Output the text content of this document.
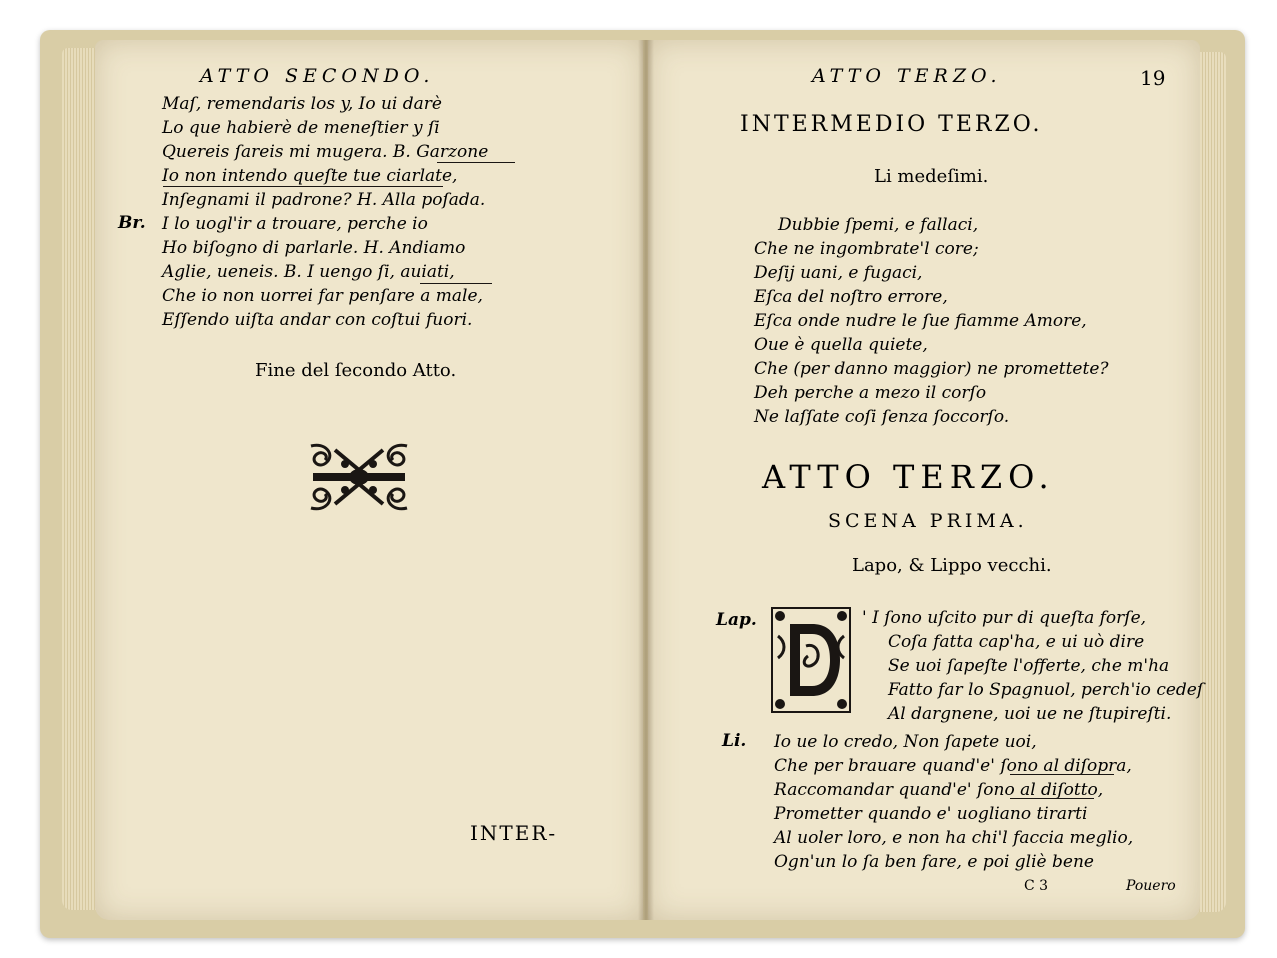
ATTO SECONDO.
Maſ, remendaris los y, Io ui darè
Lo que habierè de meneſtier y ſi
Quereis ſareis mi mugera. B. Garzone
Io non intendo queſte tue ciarlate,
Inſegnami il padrone? H. Alla poſada.
Br. I lo uogl'ir a trouare, perche io
Ho biſogno di parlarle. H. Andiamo
Aglie, ueneis. B. I uengo ſi, auiati,
Che io non uorrei far penſare a male,
Eſſendo uiſta andar con coſtui fuori.
Fine del ſecondo Atto.
INTER-
ATTO TERZO.	19
INTERMEDIO TERZO.
Li medeſimi.
Dubbie ſpemi, e fallaci,
Che ne ingombrate'l core;
Deſij uani, e fugaci,
Eſca del noſtro errore,
Eſca onde nudre le ſue fiamme Amore,
Oue è quella quiete,
Che (per danno maggior) ne promettete?
Deh perche a mezo il corſo
Ne laſſate coſi ſenza ſoccorſo.
ATTO TERZO.
SCENA PRIMA.
Lapo, & Lippo vecchi.
Lap.	' I ſono uſcito pur di queſta forſe,
Coſa fatta cap'ha, e ui uò dire
Se uoi ſapeſte l'offerte, che m'ha
Fatto far lo Spagnuol, perch'io cedeſ
Al dargnene, uoi ue ne ſtupireſti.
Li. Io ue lo credo, Non ſapete uoi,
Che per brauare quand'e' ſono al diſopra,
Raccomandar quand'e' ſono al diſotto,
Prometter quando e' uogliano tirarti
Al uoler loro, e non ha chi'l faccia meglio,
Ogn'un lo ſa ben fare, e poi gliè bene
C 3	Pouero
